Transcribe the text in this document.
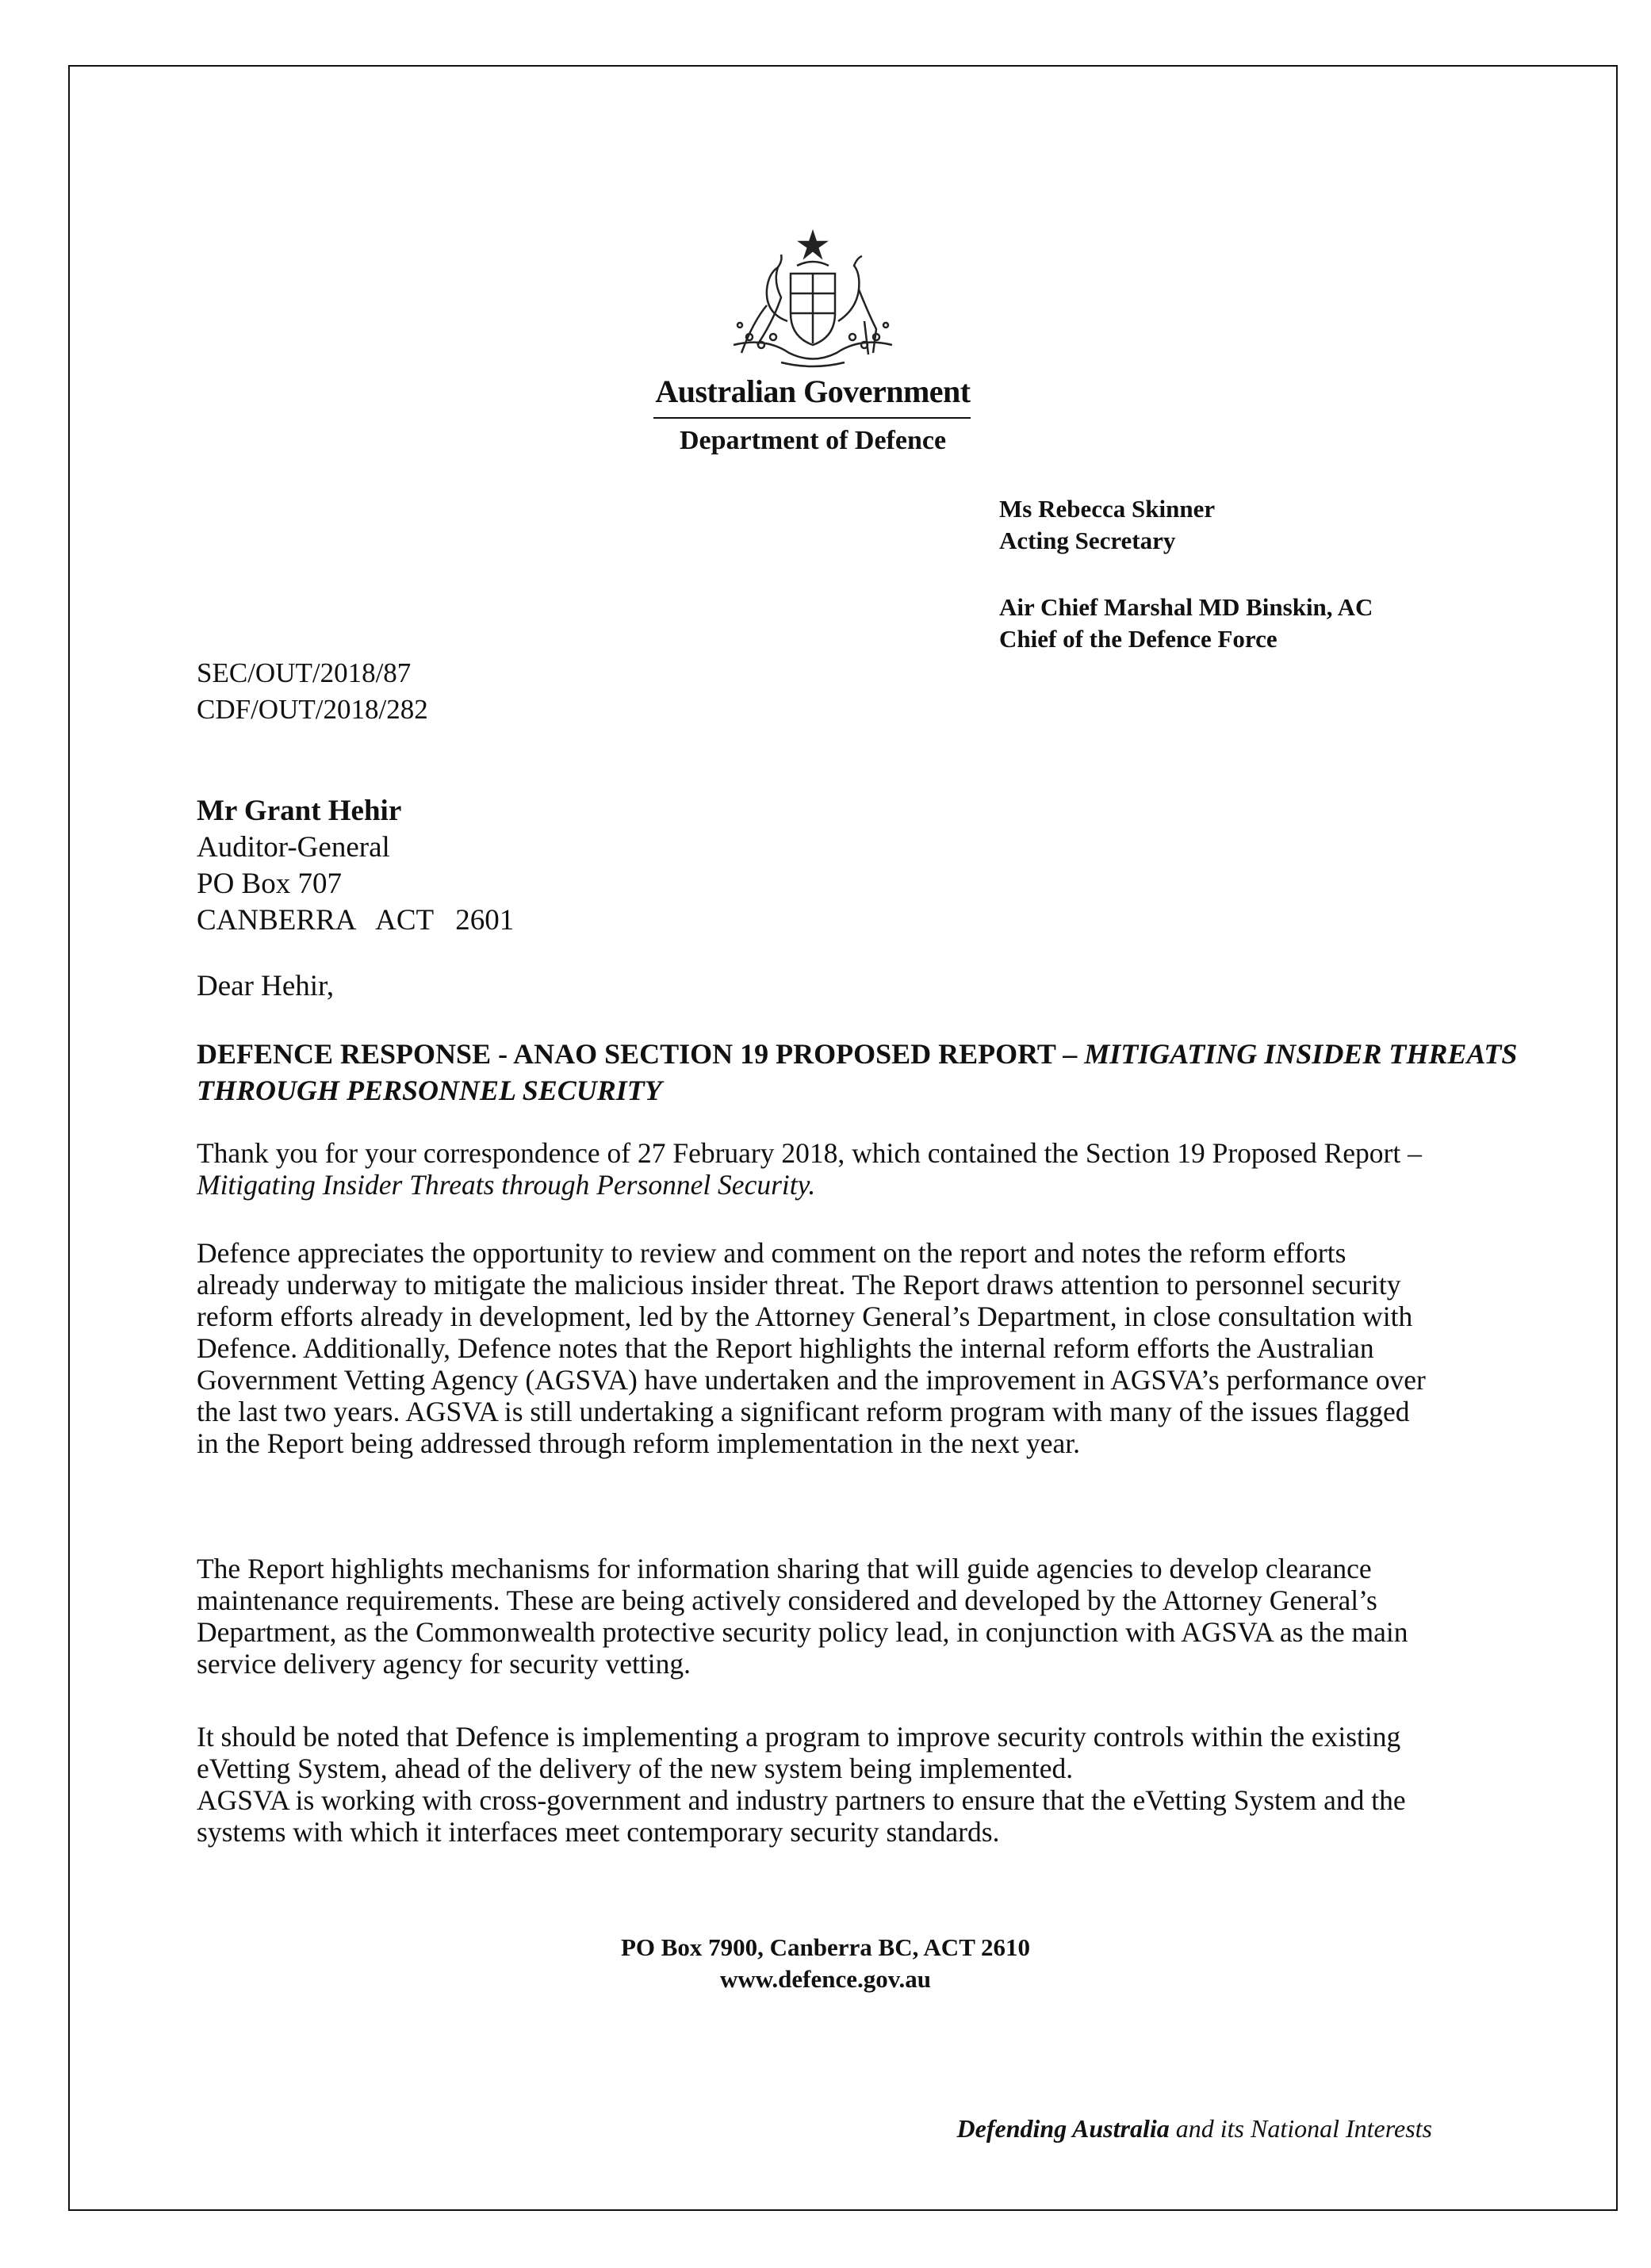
Australian Government
Department of Defence
Ms Rebecca Skinner
Acting Secretary
Air Chief Marshal MD Binskin, AC
Chief of the Defence Force
SEC/OUT/2018/87
CDF/OUT/2018/282
Mr Grant Hehir
Auditor-General
PO Box 707
CANBERRA   ACT   2601
Dear Hehir,
DEFENCE RESPONSE - ANAO SECTION 19 PROPOSED REPORT – MITIGATING INSIDER THREATS THROUGH PERSONNEL SECURITY

Thank you for your correspondence of 27 February 2018, which contained the Section 19 Proposed Report – Mitigating Insider Threats through Personnel Security.

Defence appreciates the opportunity to review and comment on the report and notes the reform efforts already underway to mitigate the malicious insider threat. The Report draws attention to personnel security reform efforts already in development, led by the Attorney General’s Department, in close consultation with Defence. Additionally, Defence notes that the Report highlights the internal reform efforts the Australian Government Vetting Agency (AGSVA) have undertaken and the improvement in AGSVA’s performance over the last two years. AGSVA is still undertaking a significant reform program with many of the issues flagged in the Report being addressed through reform implementation in the next year.

The Report highlights mechanisms for information sharing that will guide agencies to develop clearance maintenance requirements. These are being actively considered and developed by the Attorney General’s Department, as the Commonwealth protective security policy lead, in conjunction with AGSVA as the main service delivery agency for security vetting.

It should be noted that Defence is implementing a program to improve security controls within the existing eVetting System, ahead of the delivery of the new system being implemented.
AGSVA is working with cross-government and industry partners to ensure that the eVetting System and the systems with which it interfaces meet contemporary security standards.

PO Box 7900, Canberra BC, ACT 2610
www.defence.gov.au
Defending Australia and its National Interests
